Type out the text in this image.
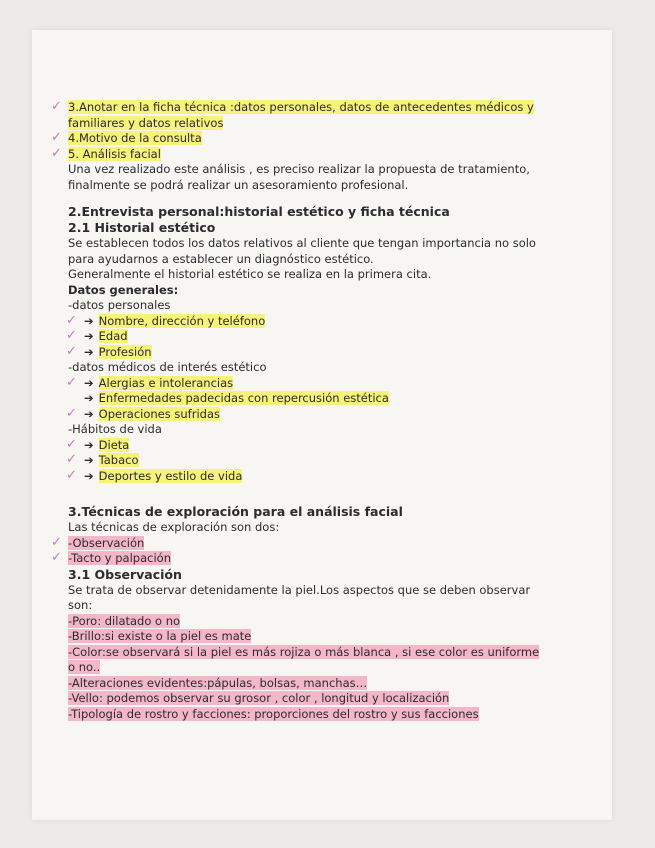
✓ 3.Anotar en la ficha técnica :datos personales, datos de antecedentes médicos y familiares y datos relativos
✓ 4.Motivo de la consulta
✓ 5. Análisis facial
Una vez realizado este análisis , es preciso realizar la propuesta de tratamiento, finalmente se podrá realizar un asesoramiento profesional.
2.Entrevista personal:historial estético y ficha técnica
2.1 Historial estético
Se establecen todos los datos relativos al cliente que tengan importancia no solo para ayudarnos a establecer un diagnóstico estético.
Generalmente el historial estético se realiza en la primera cita.
Datos generales:
-datos personales
✓ ➔ Nombre, dirección y teléfono
✓ ➔ Edad
✓ ➔ Profesión
-datos médicos de interés estético
✓ ➔ Alergias e intolerancias
➔ Enfermedades padecidas con repercusión estética
✓ ➔ Operaciones sufridas
-Hábitos de vida
✓ ➔ Dieta
✓ ➔ Tabaco
✓ ➔ Deportes y estilo de vida
3.Técnicas de exploración para el análisis facial
Las técnicas de exploración son dos:
✓ -Observación
✓ -Tacto y palpación
3.1 Observación
Se trata de observar detenidamente la piel.Los aspectos que se deben observar son:
-Poro: dilatado o no
-Brillo:si existe o la piel es mate
-Color:se observará si la piel es más rojiza o más blanca , si ese color es uniforme o no..
-Alteraciones evidentes:pápulas, bolsas, manchas…
-Vello: podemos observar su grosor , color , longitud y localización
-Tipología de rostro y facciones: proporciones del rostro y sus facciones
